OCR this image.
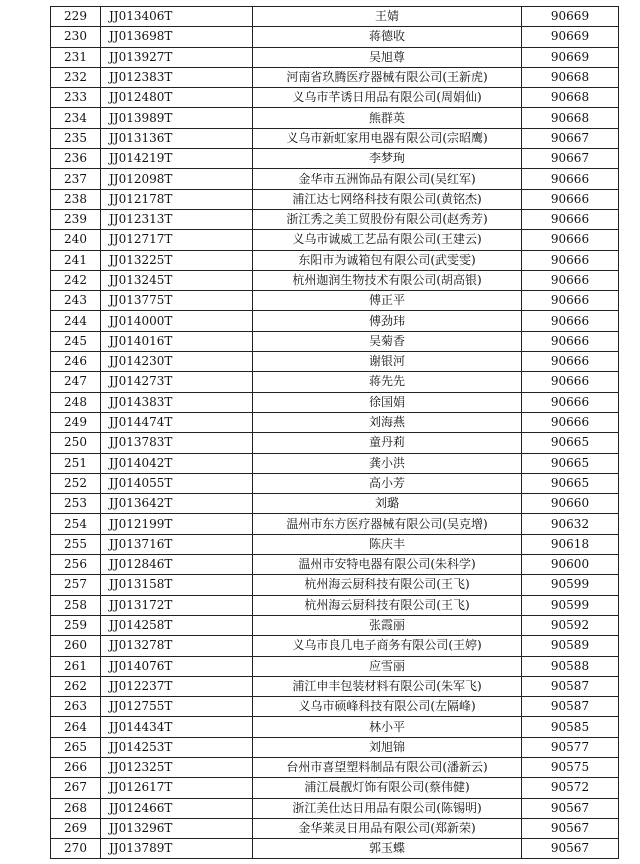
229	JJ013406T	王婧	90669
230	JJ013698T	蒋德收	90669
231	JJ013927T	吴旭尊	90669
232	JJ012383T	河南省玖腾医疗器械有限公司(王新虎)	90668
233	JJ012480T	义乌市芊诱日用品有限公司(周娟仙)	90668
234	JJ013989T	熊群英	90668
235	JJ013136T	义乌市新虹家用电器有限公司(宗昭鹰)	90667
236	JJ014219T	李梦珣	90667
237	JJ012098T	金华市五洲饰品有限公司(吴红军)	90666
238	JJ012178T	浦江达七网络科技有限公司(黄铭杰)	90666
239	JJ012313T	浙江秀之美工贸股份有限公司(赵秀芳)	90666
240	JJ012717T	义乌市诚威工艺品有限公司(王建云)	90666
241	JJ013225T	东阳市为诚箱包有限公司(武雯雯)	90666
242	JJ013245T	杭州迦润生物技术有限公司(胡高银)	90666
243	JJ013775T	傅正平	90666
244	JJ014000T	傅劲玮	90666
245	JJ014016T	吴菊香	90666
246	JJ014230T	谢银河	90666
247	JJ014273T	蒋先先	90666
248	JJ014383T	徐国娟	90666
249	JJ014474T	刘海燕	90666
250	JJ013783T	童丹莉	90665
251	JJ014042T	龚小洪	90665
252	JJ014055T	高小芳	90665
253	JJ013642T	刘璐	90660
254	JJ012199T	温州市东方医疗器械有限公司(吴克增)	90632
255	JJ013716T	陈庆丰	90618
256	JJ012846T	温州市安特电器有限公司(朱科学)	90600
257	JJ013158T	杭州海云厨科技有限公司(王飞)	90599
258	JJ013172T	杭州海云厨科技有限公司(王飞)	90599
259	JJ014258T	张霞丽	90592
260	JJ013278T	义乌市良几电子商务有限公司(王婷)	90589
261	JJ014076T	应雪丽	90588
262	JJ012237T	浦江申丰包装材料有限公司(朱军飞)	90587
263	JJ012755T	义乌市硕峰科技有限公司(左隔峰)	90587
264	JJ014434T	林小平	90585
265	JJ014253T	刘旭锦	90577
266	JJ012325T	台州市喜望塑料制品有限公司(潘新云)	90575
267	JJ012617T	浦江晨靓灯饰有限公司(蔡伟健)	90572
268	JJ012466T	浙江美仕达日用品有限公司(陈锡明)	90567
269	JJ013296T	金华莱灵日用品有限公司(郑新荣)	90567
270	JJ013789T	郭玉蝶	90567
